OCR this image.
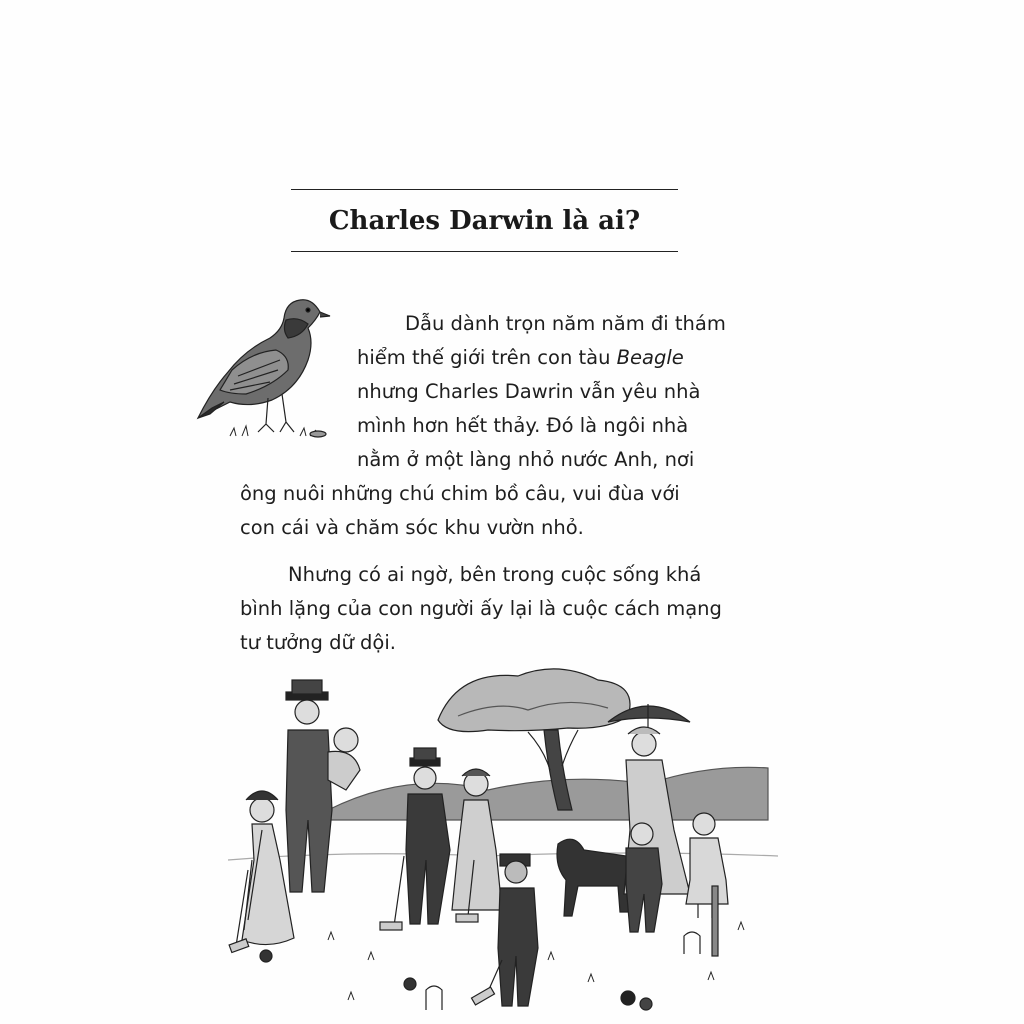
Charles Darwin là ai?
Dẫu dành trọn năm năm đi thám
hiểm thế giới trên con tàu Beagle
nhưng Charles Dawrin vẫn yêu nhà
mình hơn hết thảy. Đó là ngôi nhà
nằm ở một làng nhỏ nước Anh, nơi
ông nuôi những chú chim bồ câu, vui đùa với
con cái và chăm sóc khu vườn nhỏ.
Nhưng có ai ngờ, bên trong cuộc sống khá
bình lặng của con người ấy lại là cuộc cách mạng
tư tưởng dữ dội.
